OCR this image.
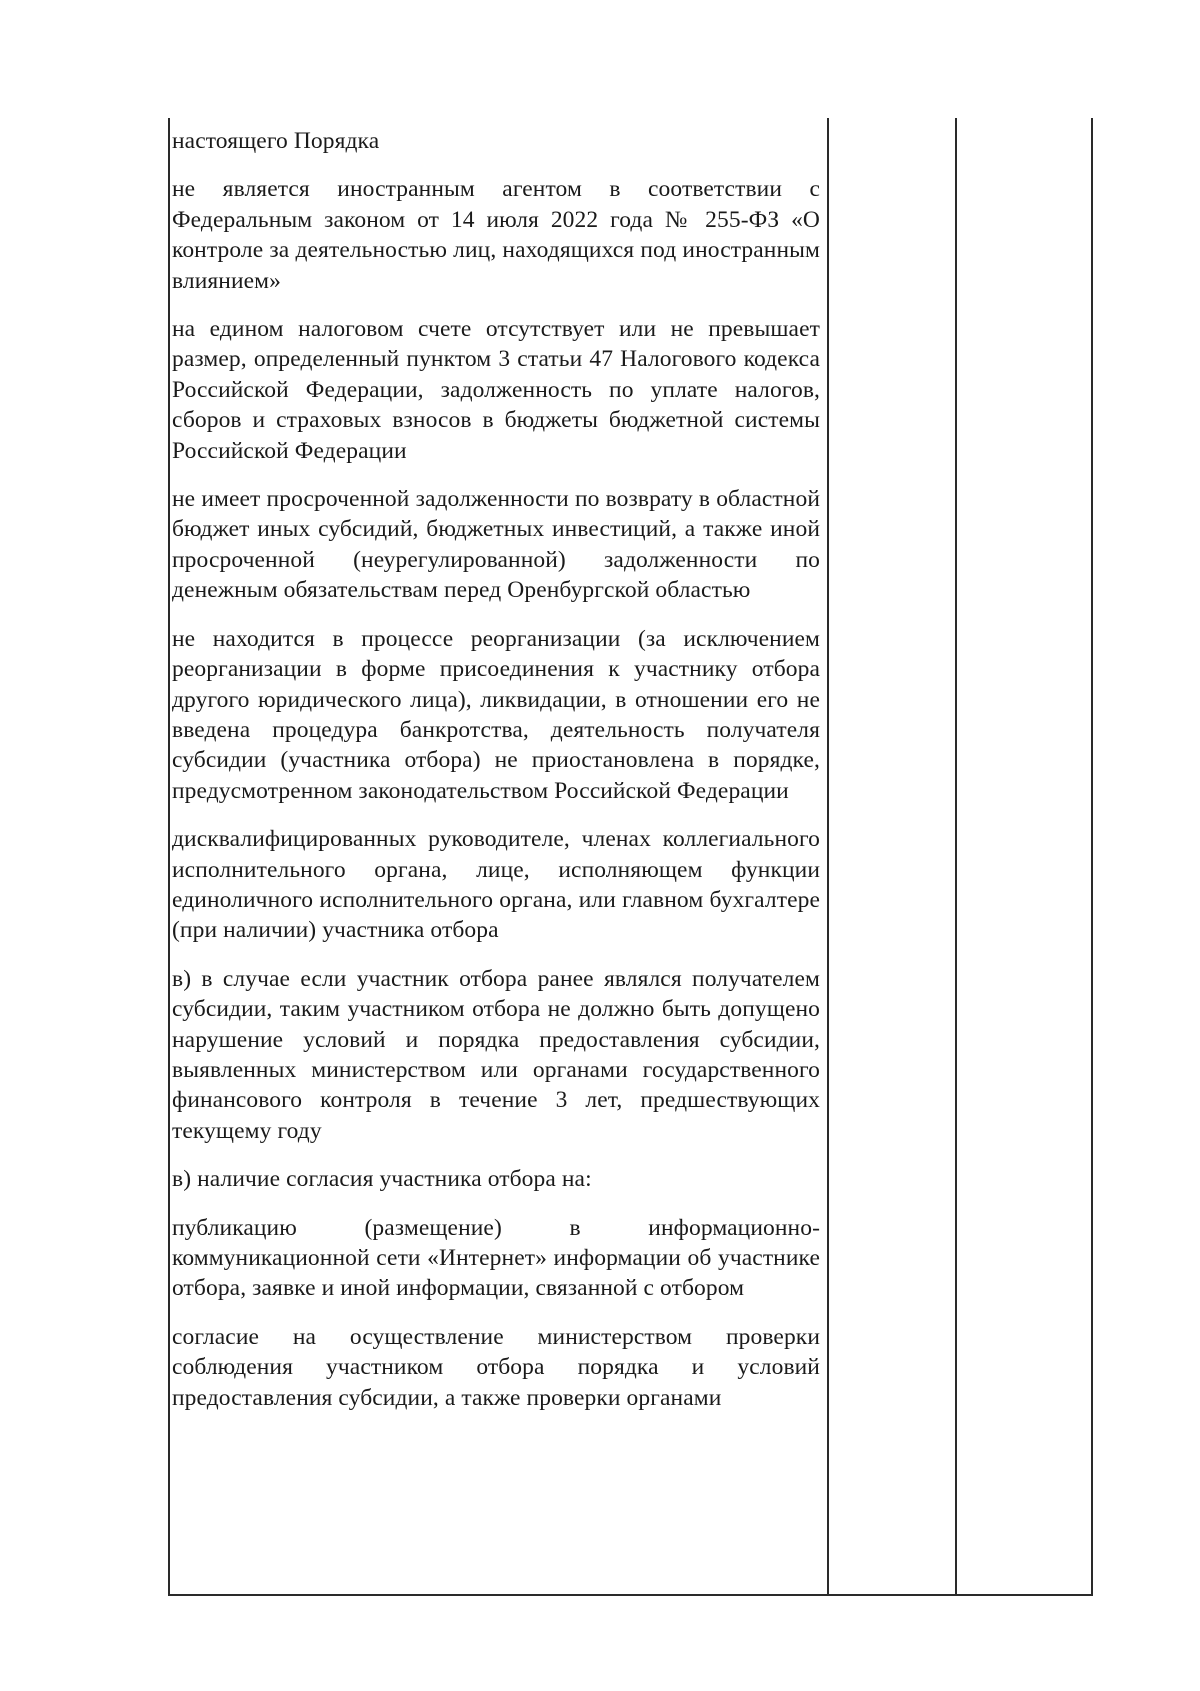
настоящего Порядка

не является иностранным агентом в соответствии с Федеральным законом от 14 июля 2022 года № 255-ФЗ «О контроле за деятельностью лиц, находящихся под иностранным влиянием»

на едином налоговом счете отсутствует или не превышает размер, определенный пунктом 3 статьи 47 Налогового кодекса Российской Федерации, задолженность по уплате налогов, сборов и страховых взносов в бюджеты бюджетной системы Российской Федерации

не имеет просроченной задолженности по возврату в областной бюджет иных субсидий, бюджетных инвестиций, а также иной просроченной (неурегулированной) задолженности по денежным обязательствам перед Оренбургской областью

не находится в процессе реорганизации (за исключением реорганизации в форме присоединения к участнику отбора другого юридического лица), ликвидации, в отношении его не введена процедура банкротства, деятельность получателя субсидии (участника отбора) не приостановлена в порядке, предусмотренном законодательством Российской Федерации

дисквалифицированных руководителе, членах коллегиального исполнительного органа, лице, исполняющем функции единоличного исполнительного органа, или главном бухгалтере (при наличии) участника отбора

в) в случае если участник отбора ранее являлся получателем субсидии, таким участником отбора не должно быть допущено нарушение условий и порядка предоставления субсидии, выявленных министерством или органами государственного финансового контроля в течение 3 лет, предшествующих текущему году

в) наличие согласия участника отбора на:

публикацию (размещение) в информационно-коммуникационной сети «Интернет» информации об участнике отбора, заявке и иной информации, связанной с отбором

согласие на осуществление министерством проверки соблюдения участником отбора порядка и условий предоставления субсидии, а также проверки органами
